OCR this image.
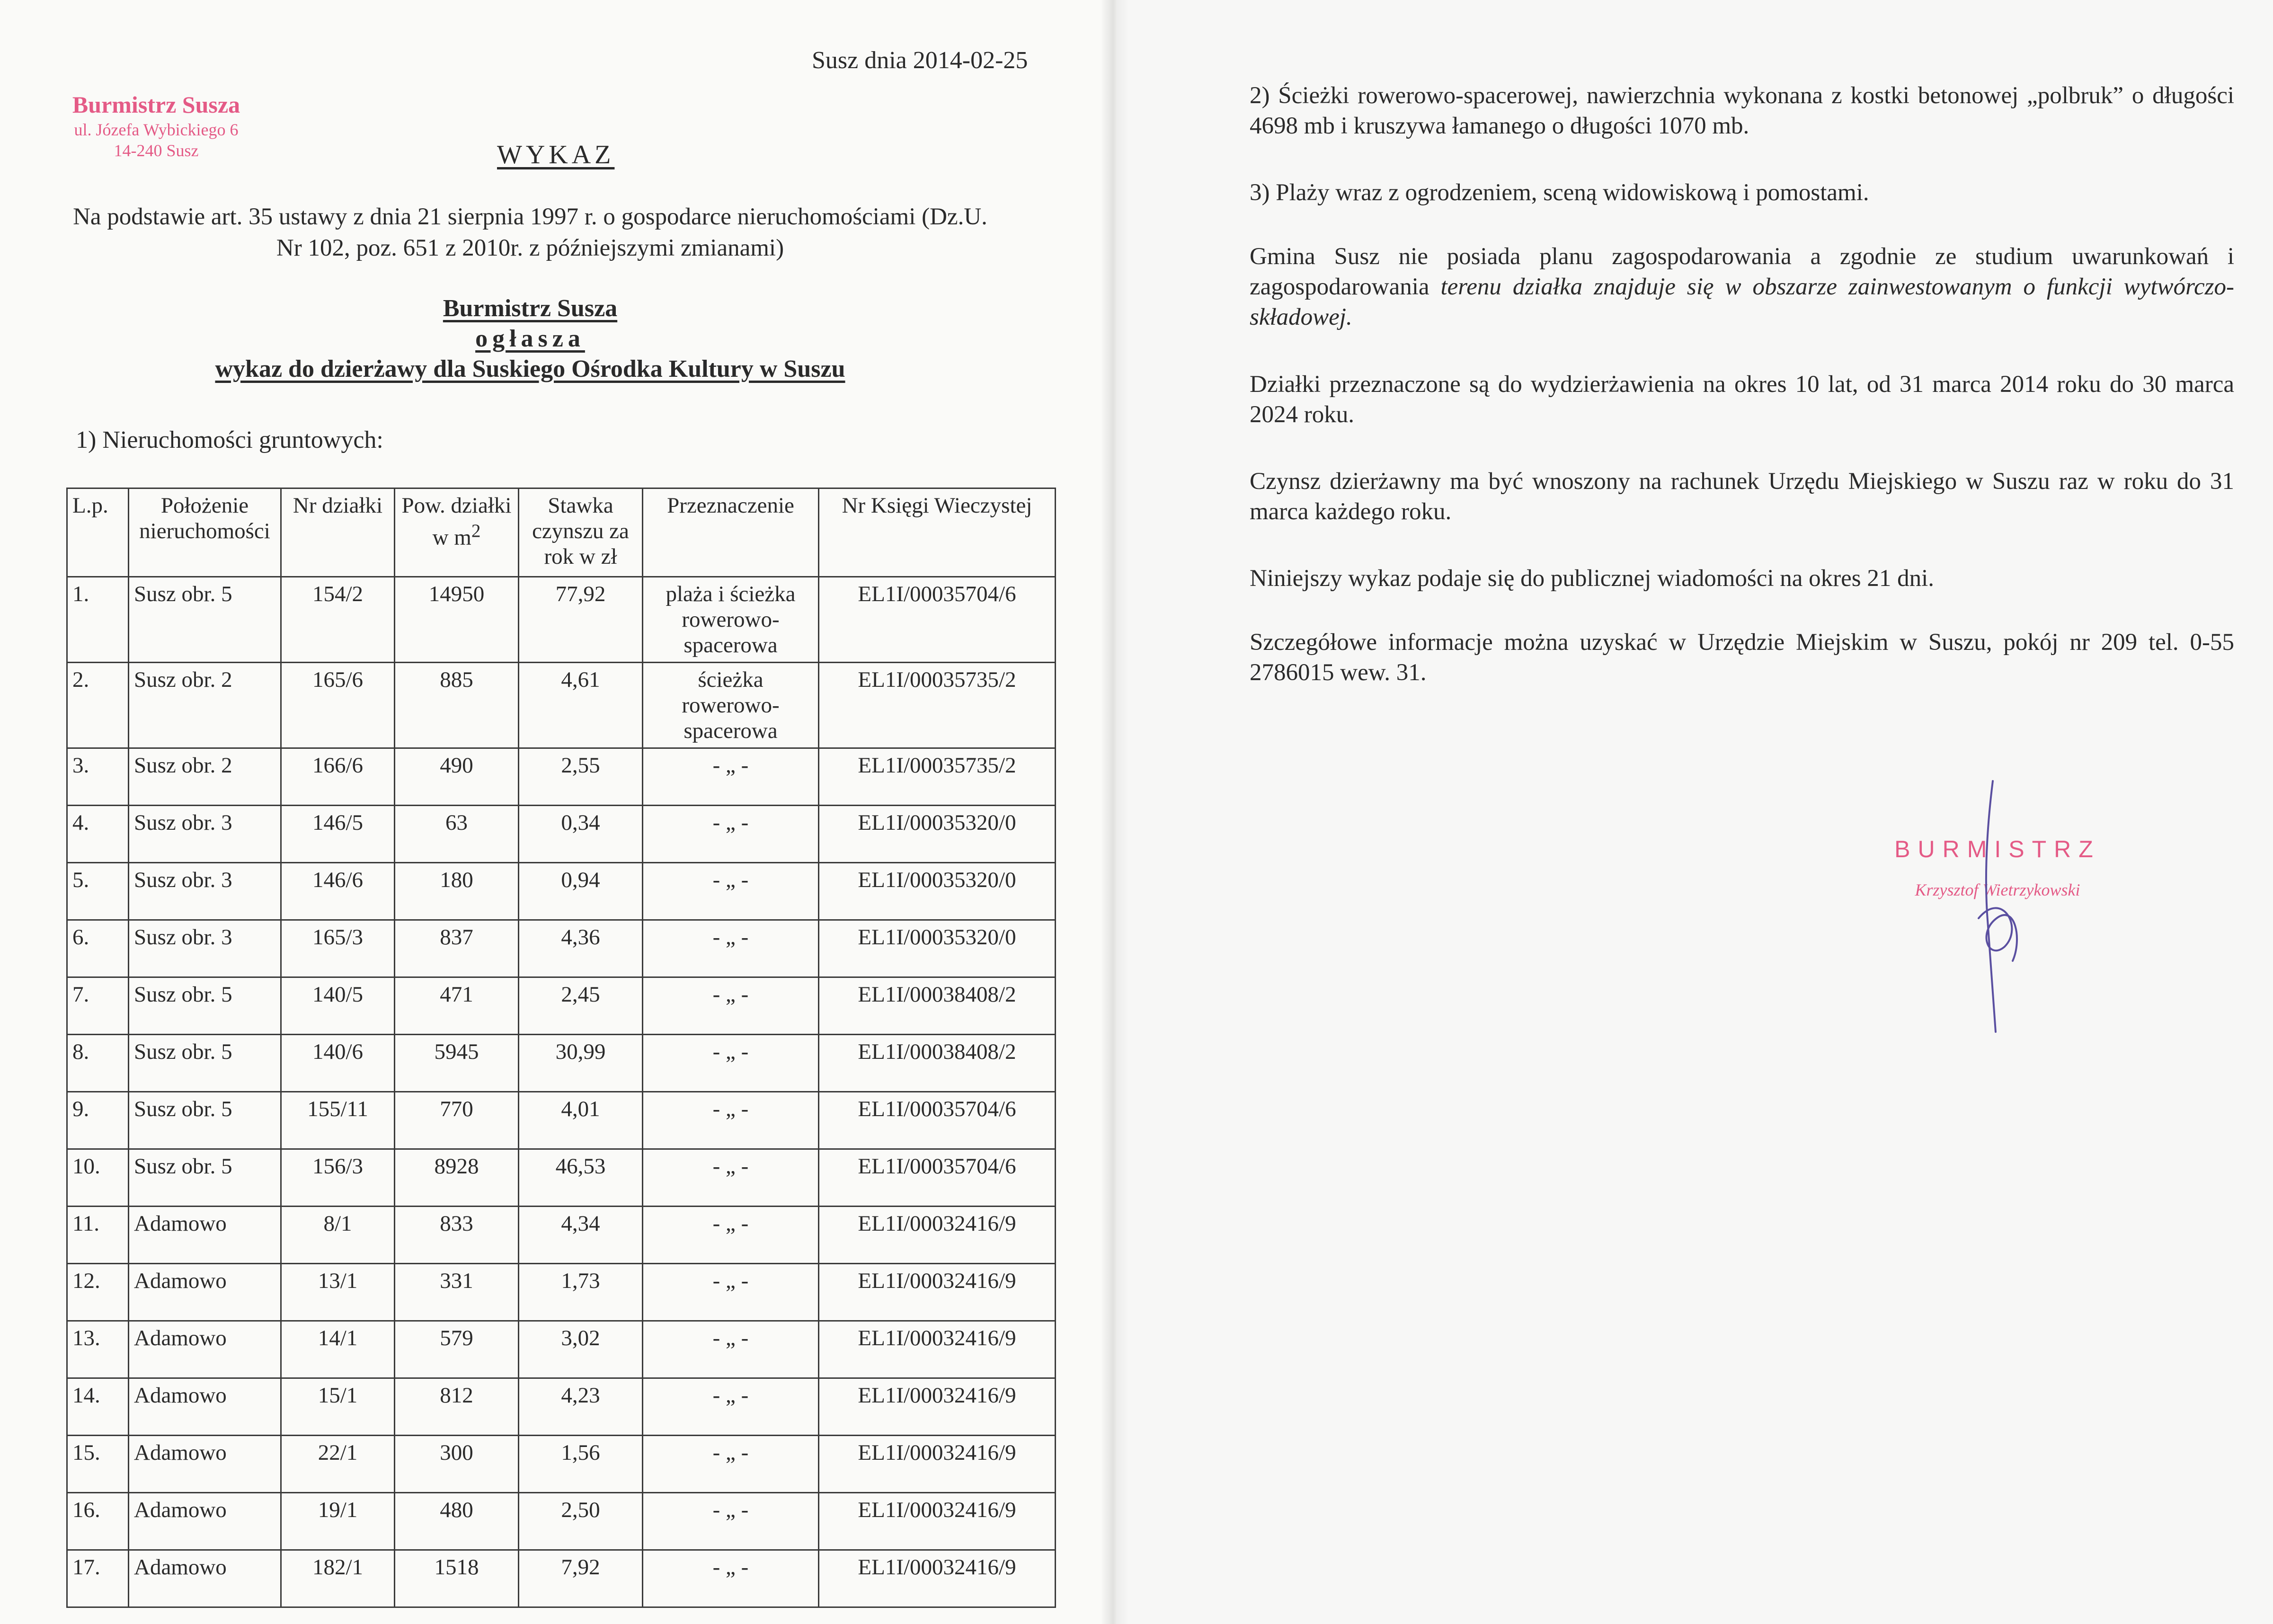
Burmistrz Susza
ul. Józefa Wybickiego 6
14-240 Susz
Susz dnia 2014-02-25
WYKAZ
Na podstawie art. 35 ustawy z dnia 21 sierpnia 1997 r. o gospodarce nieruchomościami (Dz.U. Nr 102, poz. 651 z 2010r. z późniejszymi zmianami)
Burmistrz Susza
ogłasza
wykaz do dzierżawy dla Suskiego Ośrodka Kultury w Suszu
1) Nieruchomości gruntowych:
L.p.	Położenie nieruchomości	Nr działki	Pow. działki w $m^2$	Stawka czynszu za rok w zł	Przeznaczenie	Nr Księgi Wieczystej
1.	Susz obr. 5	154/2	14950	77,92	plaża i ścieżka rowerowo-spacerowa	EL1I/00035704/6
2.	Susz obr. 2	165/6	885	4,61	ścieżka rowerowo-spacerowa	EL1I/00035735/2
3.	Susz obr. 2	166/6	490	2,55	- „ -	EL1I/00035735/2
4.	Susz obr. 3	146/5	63	0,34	- „ -	EL1I/00035320/0
5.	Susz obr. 3	146/6	180	0,94	- „ -	EL1I/00035320/0
6.	Susz obr. 3	165/3	837	4,36	- „ -	EL1I/00035320/0
7.	Susz obr. 5	140/5	471	2,45	- „ -	EL1I/00038408/2
8.	Susz obr. 5	140/6	5945	30,99	- „ -	EL1I/00038408/2
9.	Susz obr. 5	155/11	770	4,01	- „ -	EL1I/00035704/6
10.	Susz obr. 5	156/3	8928	46,53	- „ -	EL1I/00035704/6
11.	Adamowo	8/1	833	4,34	- „ -	EL1I/00032416/9
12.	Adamowo	13/1	331	1,73	- „ -	EL1I/00032416/9
13.	Adamowo	14/1	579	3,02	- „ -	EL1I/00032416/9
14.	Adamowo	15/1	812	4,23	- „ -	EL1I/00032416/9
15.	Adamowo	22/1	300	1,56	- „ -	EL1I/00032416/9
16.	Adamowo	19/1	480	2,50	- „ -	EL1I/00032416/9
17.	Adamowo	182/1	1518	7,92	- „ -	EL1I/00032416/9
2) Ścieżki rowerowo-spacerowej, nawierzchnia wykonana z kostki betonowej „polbruk” o długości 4698 mb i kruszywa łamanego o długości 1070 mb.
3) Plaży wraz z ogrodzeniem, sceną widowiskową i pomostami.
Gmina Susz nie posiada planu zagospodarowania a zgodnie ze studium uwarunkowań i zagospodarowania terenu działka znajduje się w obszarze zainwestowanym o funkcji wytwórczo-składowej.
Działki przeznaczone są do wydzierżawienia na okres 10 lat, od 31 marca 2014 roku do 30 marca 2024 roku.
Czynsz dzierżawny ma być wnoszony na rachunek Urzędu Miejskiego w Suszu raz w roku do 31 marca każdego roku.
Niniejszy wykaz podaje się do publicznej wiadomości na okres 21 dni.
Szczegółowe informacje można uzyskać w Urzędzie Miejskim w Suszu, pokój nr 209 tel. 0-55 2786015 wew. 31.
BURMISTRZ
Krzysztof Wietrzykowski
